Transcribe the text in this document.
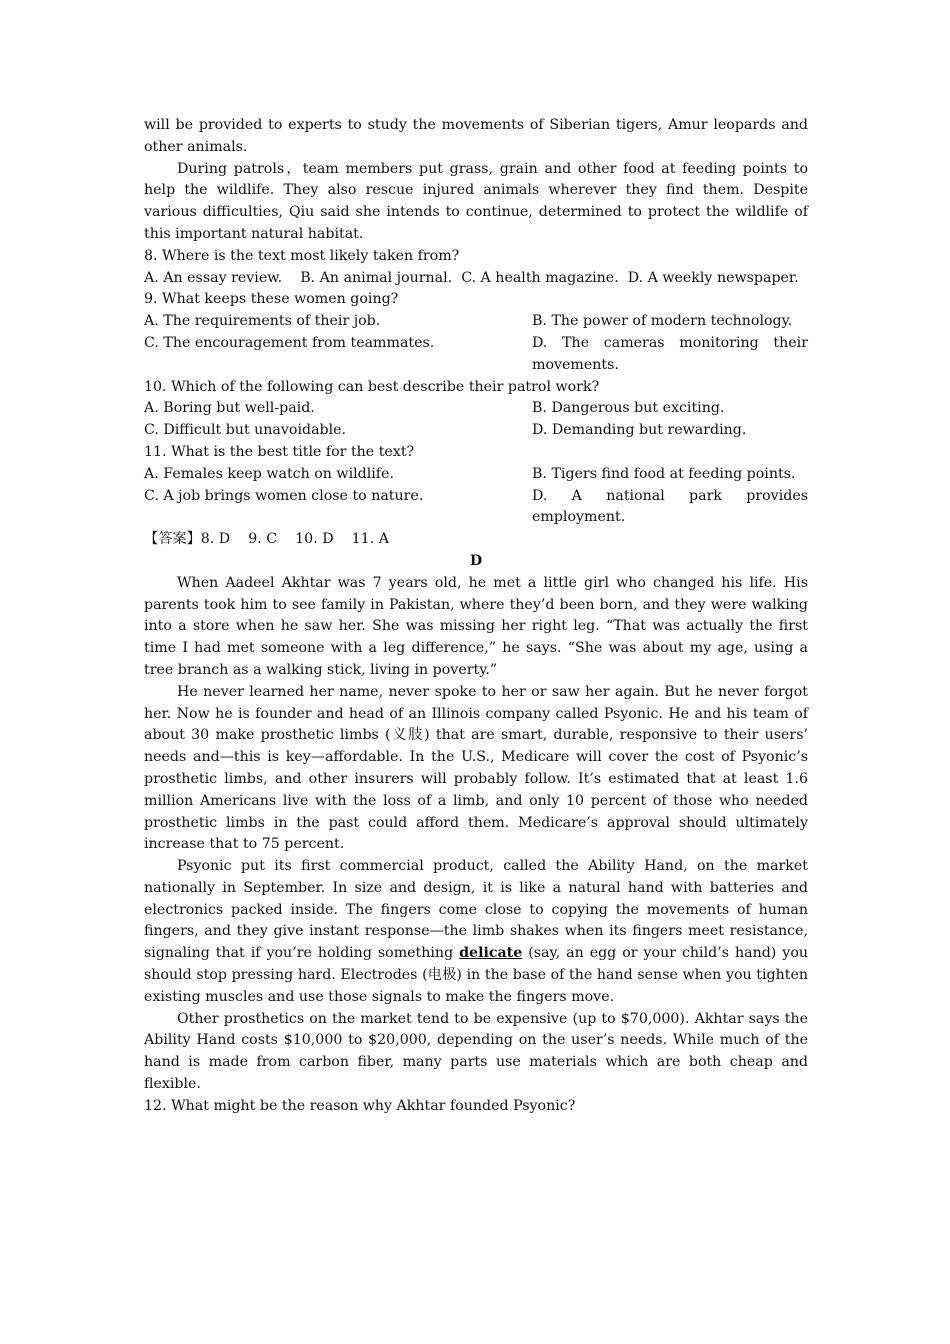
will be provided to experts to study the movements of Siberian tigers, Amur leopards and other animals.

During patrols，team members put grass, grain and other food at feeding points to help the wildlife. They also rescue injured animals wherever they find them. Despite various difficulties, Qiu said she intends to continue, determined to protect the wildlife of this important natural habitat.

8. Where is the text most likely taken from?

A. An essay review.    B. An animal journal.  C. A health magazine.  D. A weekly newspaper.

9. What keeps these women going?

A. The requirements of their job.	B. The power of modern technology.
C. The encouragement from teammates.	D. The cameras monitoring their movements.

10. Which of the following can best describe their patrol work?

A. Boring but well-paid.	B. Dangerous but exciting.
C. Difficult but unavoidable.	D. Demanding but rewarding.

11. What is the best title for the text?

A. Females keep watch on wildlife.	B. Tigers find food at feeding points.
C. A job brings women close to nature.	D. A national park provides employment.

【答案】8. D    9. C    10. D    11. A

D

When Aadeel Akhtar was 7 years old, he met a little girl who changed his life. His parents took him to see family in Pakistan, where they’d been born, and they were walking into a store when he saw her. She was missing her right leg. “That was actually the first time I had met someone with a leg difference,” he says. “She was about my age, using a tree branch as a walking stick, living in poverty.”

He never learned her name, never spoke to her or saw her again. But he never forgot her. Now he is founder and head of an Illinois company called Psyonic. He and his team of about 30 make prosthetic limbs (义肢) that are smart, durable, responsive to their users’ needs and—this is key—affordable. In the U.S., Medicare will cover the cost of Psyonic’s prosthetic limbs, and other insurers will probably follow. It’s estimated that at least 1.6 million Americans live with the loss of a limb, and only 10 percent of those who needed prosthetic limbs in the past could afford them. Medicare’s approval should ultimately increase that to 75 percent.

Psyonic put its first commercial product, called the Ability Hand, on the market nationally in September. In size and design, it is like a natural hand with batteries and electronics packed inside. The fingers come close to copying the movements of human fingers, and they give instant response—the limb shakes when its fingers meet resistance, signaling that if you’re holding something delicate (say, an egg or your child’s hand) you should stop pressing hard. Electrodes (电极) in the base of the hand sense when you tighten existing muscles and use those signals to make the fingers move.

Other prosthetics on the market tend to be expensive (up to $70,000). Akhtar says the Ability Hand costs $10,000 to $20,000, depending on the user’s needs. While much of the hand is made from carbon fiber, many parts use materials which are both cheap and flexible.

12. What might be the reason why Akhtar founded Psyonic?
